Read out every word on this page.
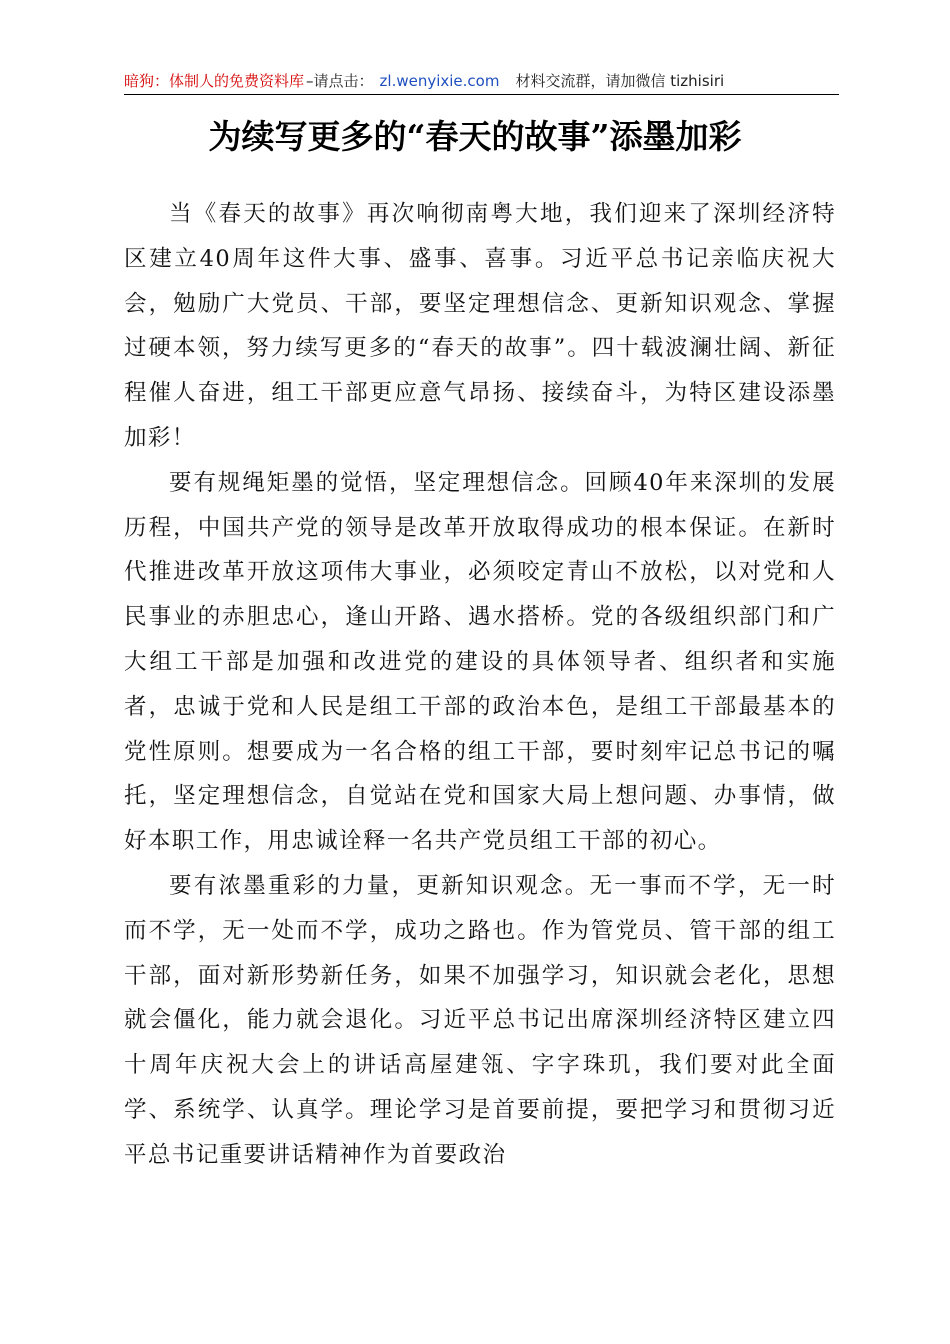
暗狗：体制人的免费资料库 –请点击： zl.wenyixie.com 材料交流群，请加微信 tizhisiri
为续写更多的“春天的故事”添墨加彩

当《春天的故事》再次响彻南粤大地，我们迎来了深圳经济特区建立40周年这件大事、盛事、喜事。习近平总书记亲临庆祝大会，勉励广大党员、干部，要坚定理想信念、更新知识观念、掌握过硬本领，努力续写更多的“春天的故事”。四十载波澜壮阔、新征程催人奋进，组工干部更应意气昂扬、接续奋斗，为特区建设添墨加彩！

要有规绳矩墨的觉悟，坚定理想信念。回顾40年来深圳的发展历程，中国共产党的领导是改革开放取得成功的根本保证。在新时代推进改革开放这项伟大事业，必须咬定青山不放松，以对党和人民事业的赤胆忠心，逢山开路、遇水搭桥。党的各级组织部门和广大组工干部是加强和改进党的建设的具体领导者、组织者和实施者，忠诚于党和人民是组工干部的政治本色，是组工干部最基本的党性原则。想要成为一名合格的组工干部，要时刻牢记总书记的嘱托，坚定理想信念，自觉站在党和国家大局上想问题、办事情，做好本职工作，用忠诚诠释一名共产党员组工干部的初心。

要有浓墨重彩的力量，更新知识观念。无一事而不学，无一时而不学，无一处而不学，成功之路也。作为管党员、管干部的组工干部，面对新形势新任务，如果不加强学习，知识就会老化，思想就会僵化，能力就会退化。习近平总书记出席深圳经济特区建立四十周年庆祝大会上的讲话高屋建瓴、字字珠玑，我们要对此全面学、系统学、认真学。理论学习是首要前提，要把学习和贯彻习近平总书记重要讲话精神作为首要政治
